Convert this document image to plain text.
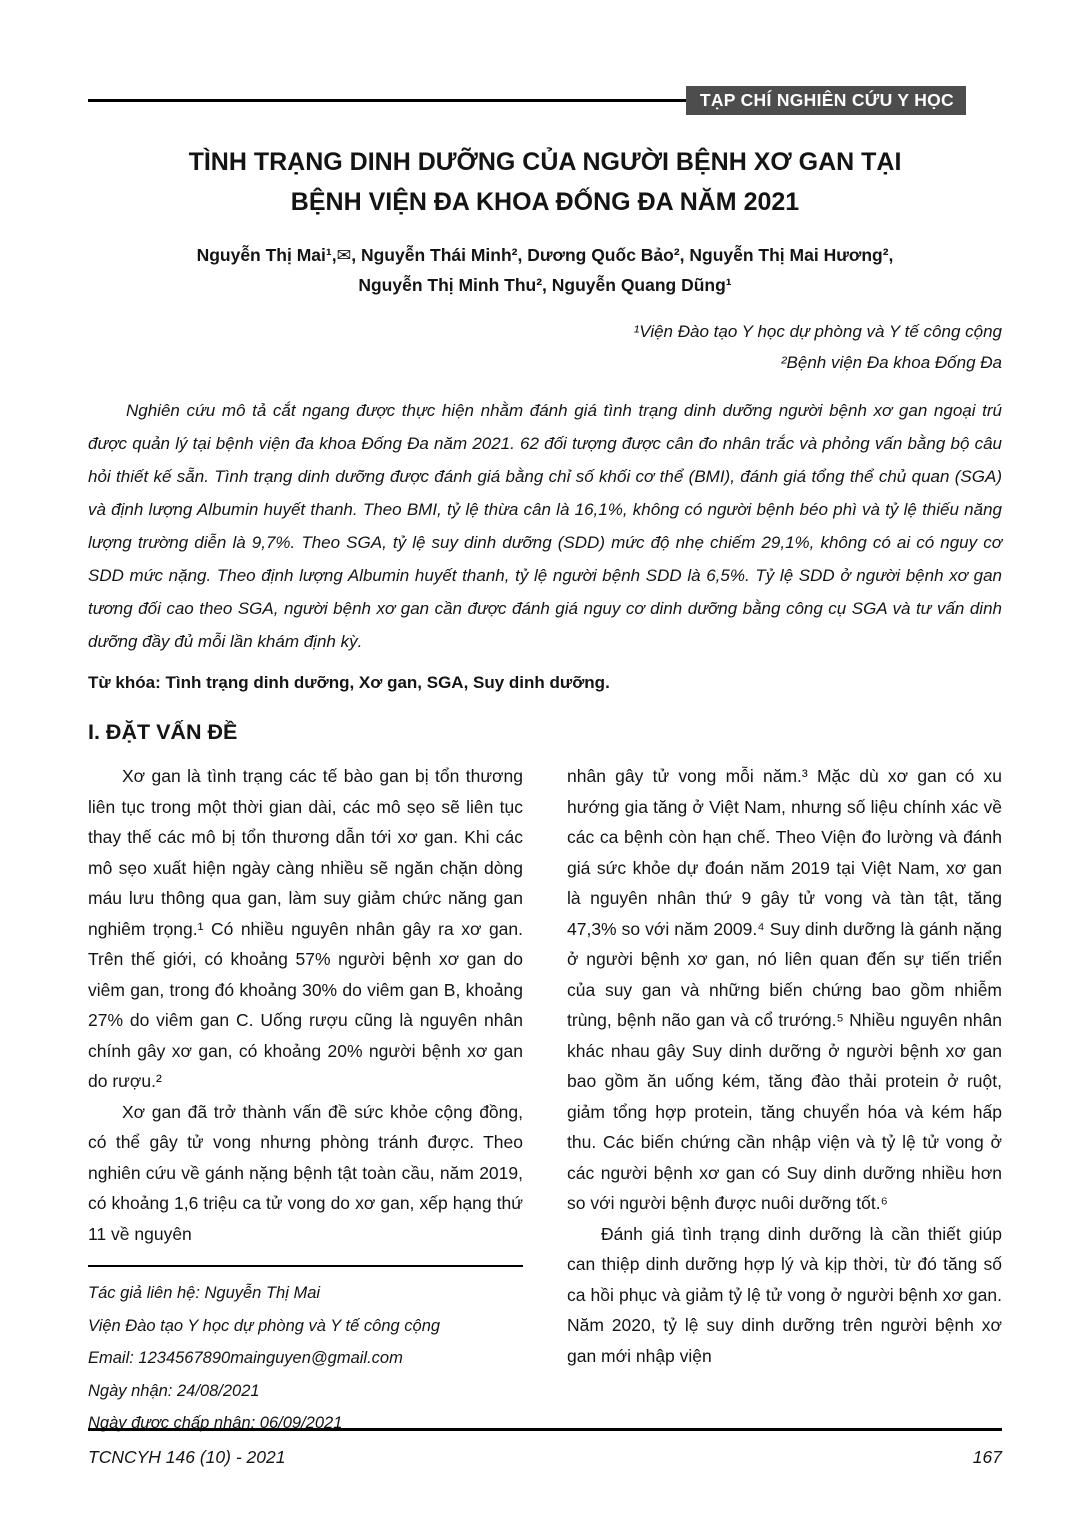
TẠP CHÍ NGHIÊN CỨU Y HỌC
TÌNH TRẠNG DINH DƯỠNG CỦA NGƯỜI BỆNH XƠ GAN TẠI
BỆNH VIỆN ĐA KHOA ĐỐNG ĐA NĂM 2021
Nguyễn Thị Mai¹,✉, Nguyễn Thái Minh², Dương Quốc Bảo², Nguyễn Thị Mai Hương²,
Nguyễn Thị Minh Thu², Nguyễn Quang Dũng¹
¹Viện Đào tạo Y học dự phòng và Y tế công cộng
²Bệnh viện Đa khoa Đống Đa

Nghiên cứu mô tả cắt ngang được thực hiện nhằm đánh giá tình trạng dinh dưỡng người bệnh xơ gan ngoại trú được quản lý tại bệnh viện đa khoa Đống Đa năm 2021. 62 đối tượng được cân đo nhân trắc và phỏng vấn bằng bộ câu hỏi thiết kế sẵn. Tình trạng dinh dưỡng được đánh giá bằng chỉ số khối cơ thể (BMI), đánh giá tổng thể chủ quan (SGA) và định lượng Albumin huyết thanh. Theo BMI, tỷ lệ thừa cân là 16,1%, không có người bệnh béo phì và tỷ lệ thiếu năng lượng trường diễn là 9,7%. Theo SGA, tỷ lệ suy dinh dưỡng (SDD) mức độ nhẹ chiếm 29,1%, không có ai có nguy cơ SDD mức nặng. Theo định lượng Albumin huyết thanh, tỷ lệ người bệnh SDD là 6,5%. Tỷ lệ SDD ở người bệnh xơ gan tương đối cao theo SGA, người bệnh xơ gan cần được đánh giá nguy cơ dinh dưỡng bằng công cụ SGA và tư vấn dinh dưỡng đầy đủ mỗi lần khám định kỳ.

Từ khóa: Tình trạng dinh dưỡng, Xơ gan, SGA, Suy dinh dưỡng.

I. ĐẶT VẤN ĐỀ

Xơ gan là tình trạng các tế bào gan bị tổn thương liên tục trong một thời gian dài, các mô sẹo sẽ liên tục thay thế các mô bị tổn thương dẫn tới xơ gan. Khi các mô sẹo xuất hiện ngày càng nhiều sẽ ngăn chặn dòng máu lưu thông qua gan, làm suy giảm chức năng gan nghiêm trọng.¹ Có nhiều nguyên nhân gây ra xơ gan. Trên thế giới, có khoảng 57% người bệnh xơ gan do viêm gan, trong đó khoảng 30% do viêm gan B, khoảng 27% do viêm gan C. Uống rượu cũng là nguyên nhân chính gây xơ gan, có khoảng 20% người bệnh xơ gan do rượu.²

Xơ gan đã trở thành vấn đề sức khỏe cộng đồng, có thể gây tử vong nhưng phòng tránh được. Theo nghiên cứu về gánh nặng bệnh tật toàn cầu, năm 2019, có khoảng 1,6 triệu ca tử vong do xơ gan, xếp hạng thứ 11 về nguyên

Tác giả liên hệ: Nguyễn Thị Mai
Viện Đào tạo Y học dự phòng và Y tế công cộng
Email: 1234567890mainguyen@gmail.com
Ngày nhận: 24/08/2021
Ngày được chấp nhận: 06/09/2021

nhân gây tử vong mỗi năm.³ Mặc dù xơ gan có xu hướng gia tăng ở Việt Nam, nhưng số liệu chính xác về các ca bệnh còn hạn chế. Theo Viện đo lường và đánh giá sức khỏe dự đoán năm 2019 tại Việt Nam, xơ gan là nguyên nhân thứ 9 gây tử vong và tàn tật, tăng 47,3% so với năm 2009.⁴ Suy dinh dưỡng là gánh nặng ở người bệnh xơ gan, nó liên quan đến sự tiến triển của suy gan và những biến chứng bao gồm nhiễm trùng, bệnh não gan và cổ trướng.⁵ Nhiều nguyên nhân khác nhau gây Suy dinh dưỡng ở người bệnh xơ gan bao gồm ăn uống kém, tăng đào thải protein ở ruột, giảm tổng hợp protein, tăng chuyển hóa và kém hấp thu. Các biến chứng cần nhập viện và tỷ lệ tử vong ở các người bệnh xơ gan có Suy dinh dưỡng nhiều hơn so với người bệnh được nuôi dưỡng tốt.⁶

Đánh giá tình trạng dinh dưỡng là cần thiết giúp can thiệp dinh dưỡng hợp lý và kịp thời, từ đó tăng số ca hồi phục và giảm tỷ lệ tử vong ở người bệnh xơ gan. Năm 2020, tỷ lệ suy dinh dưỡng trên người bệnh xơ gan mới nhập viện

TCNCYH 146 (10) - 2021	167
